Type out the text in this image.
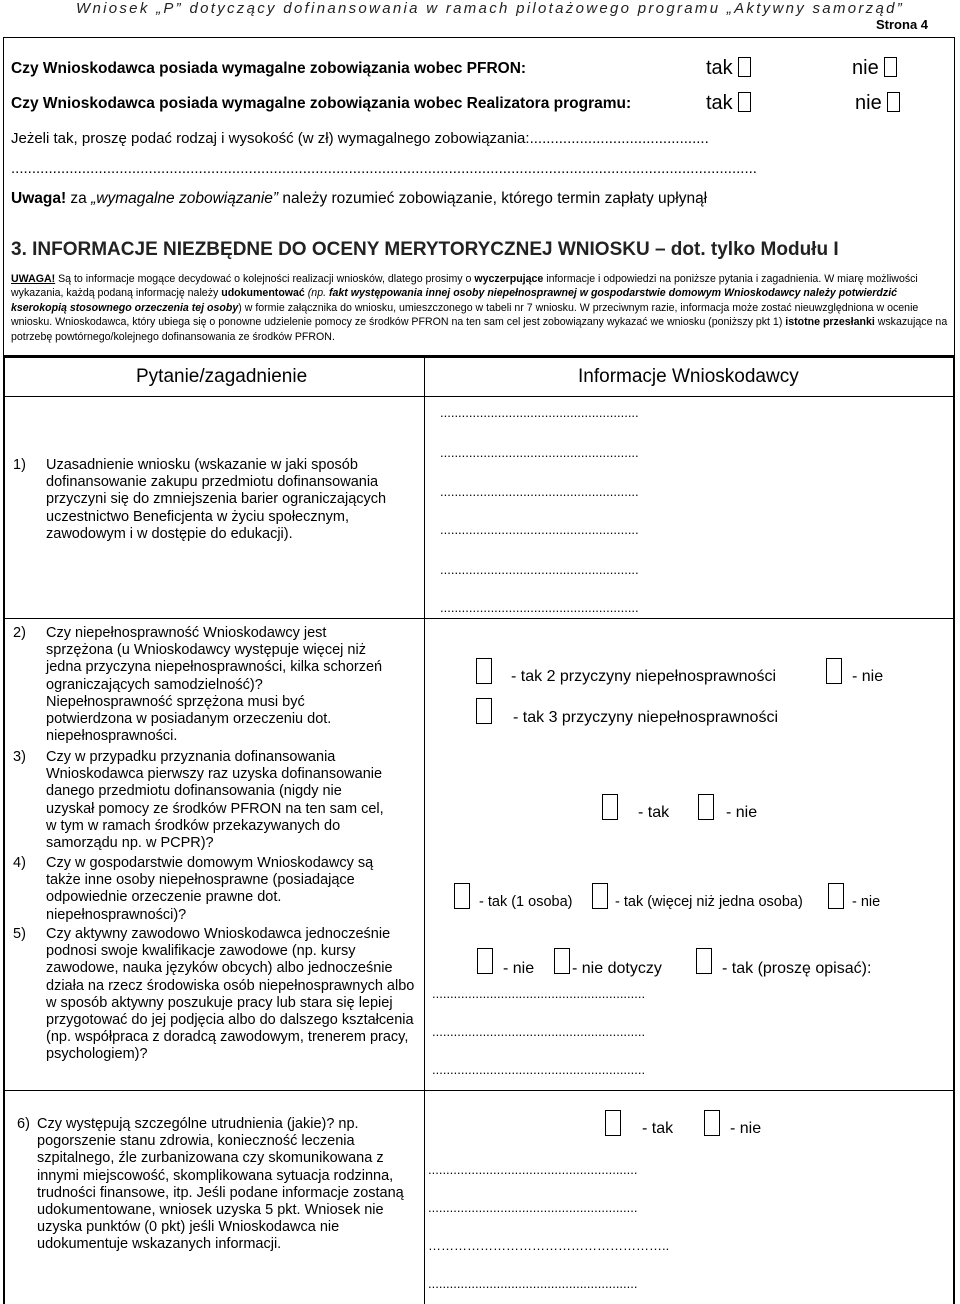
Wniosek „P” dotyczący dofinansowania w ramach pilotażowego programu „Aktywny samorząd”
Strona 4
Czy Wnioskodawca posiada wymagalne zobowiązania wobec PFRON:	tak	nie
Czy Wnioskodawca posiada wymagalne zobowiązania wobec Realizatora programu:	tak	nie
Jeżeli tak, proszę podać rodzaj i wysokość (w zł) wymagalnego zobowiązania:...........................................
...................................................................................................................................................................................
Uwaga! za „wymagalne zobowiązanie” należy rozumieć zobowiązanie, którego termin zapłaty upłynął
3. INFORMACJE NIEZBĘDNE DO OCENY MERYTORYCZNEJ WNIOSKU – dot. tylko Modułu I
UWAGA! Są to informacje mogące decydować o kolejności realizacji wniosków, dlatego prosimy o wyczerpujące informacje i odpowiedzi na poniższe pytania i zagadnienia. W miarę możliwości wykazania, każdą podaną informację należy udokumentować (np. fakt występowania innej osoby niepełnosprawnej w gospodarstwie domowym Wnioskodawcy należy potwierdzić kserokopią stosownego orzeczenia tej osoby) w formie załącznika do wniosku, umieszczonego w tabeli nr 7 wniosku. W przeciwnym razie, informacja może zostać nieuwzględniona w ocenie wniosku. Wnioskodawca, który ubiega się o ponowne udzielenie pomocy ze środków PFRON na ten sam cel jest zobowiązany wykazać we wniosku (poniższy pkt 1) istotne przesłanki wskazujące na potrzebę powtórnego/kolejnego dofinansowania ze środków PFRON.
Pytanie/zagadnienie	Informacje Wnioskodawcy
1) Uzasadnienie wniosku (wskazanie w jaki sposób dofinansowanie zakupu przedmiotu dofinansowania przyczyni się do zmniejszenia barier ograniczających uczestnictwo Beneficjenta w życiu społecznym, zawodowym i w dostępie do edukacji).
.......................................................
.......................................................
.......................................................
.......................................................
.......................................................
.......................................................
2) Czy niepełnosprawność Wnioskodawcy jest sprzężona (u Wnioskodawcy występuje więcej niż jedna przyczyna niepełnosprawności, kilka schorzeń ograniczających samodzielność)? Niepełnosprawność sprzężona musi być potwierdzona w posiadanym orzeczeniu dot. niepełnosprawności.
- tak 2 przyczyny niepełnosprawności	- nie
- tak 3 przyczyny niepełnosprawności
3) Czy w przypadku przyznania dofinansowania Wnioskodawca pierwszy raz uzyska dofinansowanie danego przedmiotu dofinansowania (nigdy nie uzyskał pomocy ze środków PFRON na ten sam cel, w tym w ramach środków przekazywanych do samorządu np. w PCPR)?
- tak	- nie
4) Czy w gospodarstwie domowym Wnioskodawcy są także inne osoby niepełnosprawne (posiadające odpowiednie orzeczenie prawne dot. niepełnosprawności)?
- tak (1 osoba)	- tak (więcej niż jedna osoba)	- nie
5) Czy aktywny zawodowo Wnioskodawca jednocześnie podnosi swoje kwalifikacje zawodowe (np. kursy zawodowe, nauka języków obcych) albo jednocześnie działa na rzecz środowiska osób niepełnosprawnych albo w sposób aktywny poszukuje pracy lub stara się lepiej przygotować do jej podjęcia albo do dalszego kształcenia (np. współpraca z doradcą zawodowym, trenerem pracy, psychologiem)?
- nie - nie dotyczy	- tak (proszę opisać):
...........................................................
...........................................................
...........................................................
6) Czy występują szczególne utrudnienia (jakie)? np. pogorszenie stanu zdrowia, konieczność leczenia szpitalnego, źle zurbanizowana czy skomunikowana z innymi miejscowość, skomplikowana sytuacja rodzinna, trudności finansowe, itp. Jeśli podane informacje zostaną udokumentowane, wniosek uzyska 5 pkt. Wniosek nie uzyska punktów (0 pkt) jeśli Wnioskodawca nie udokumentuje wskazanych informacji.
- tak	- nie
..........................................................
..........................................................
………………………………………………..
..........................................................
